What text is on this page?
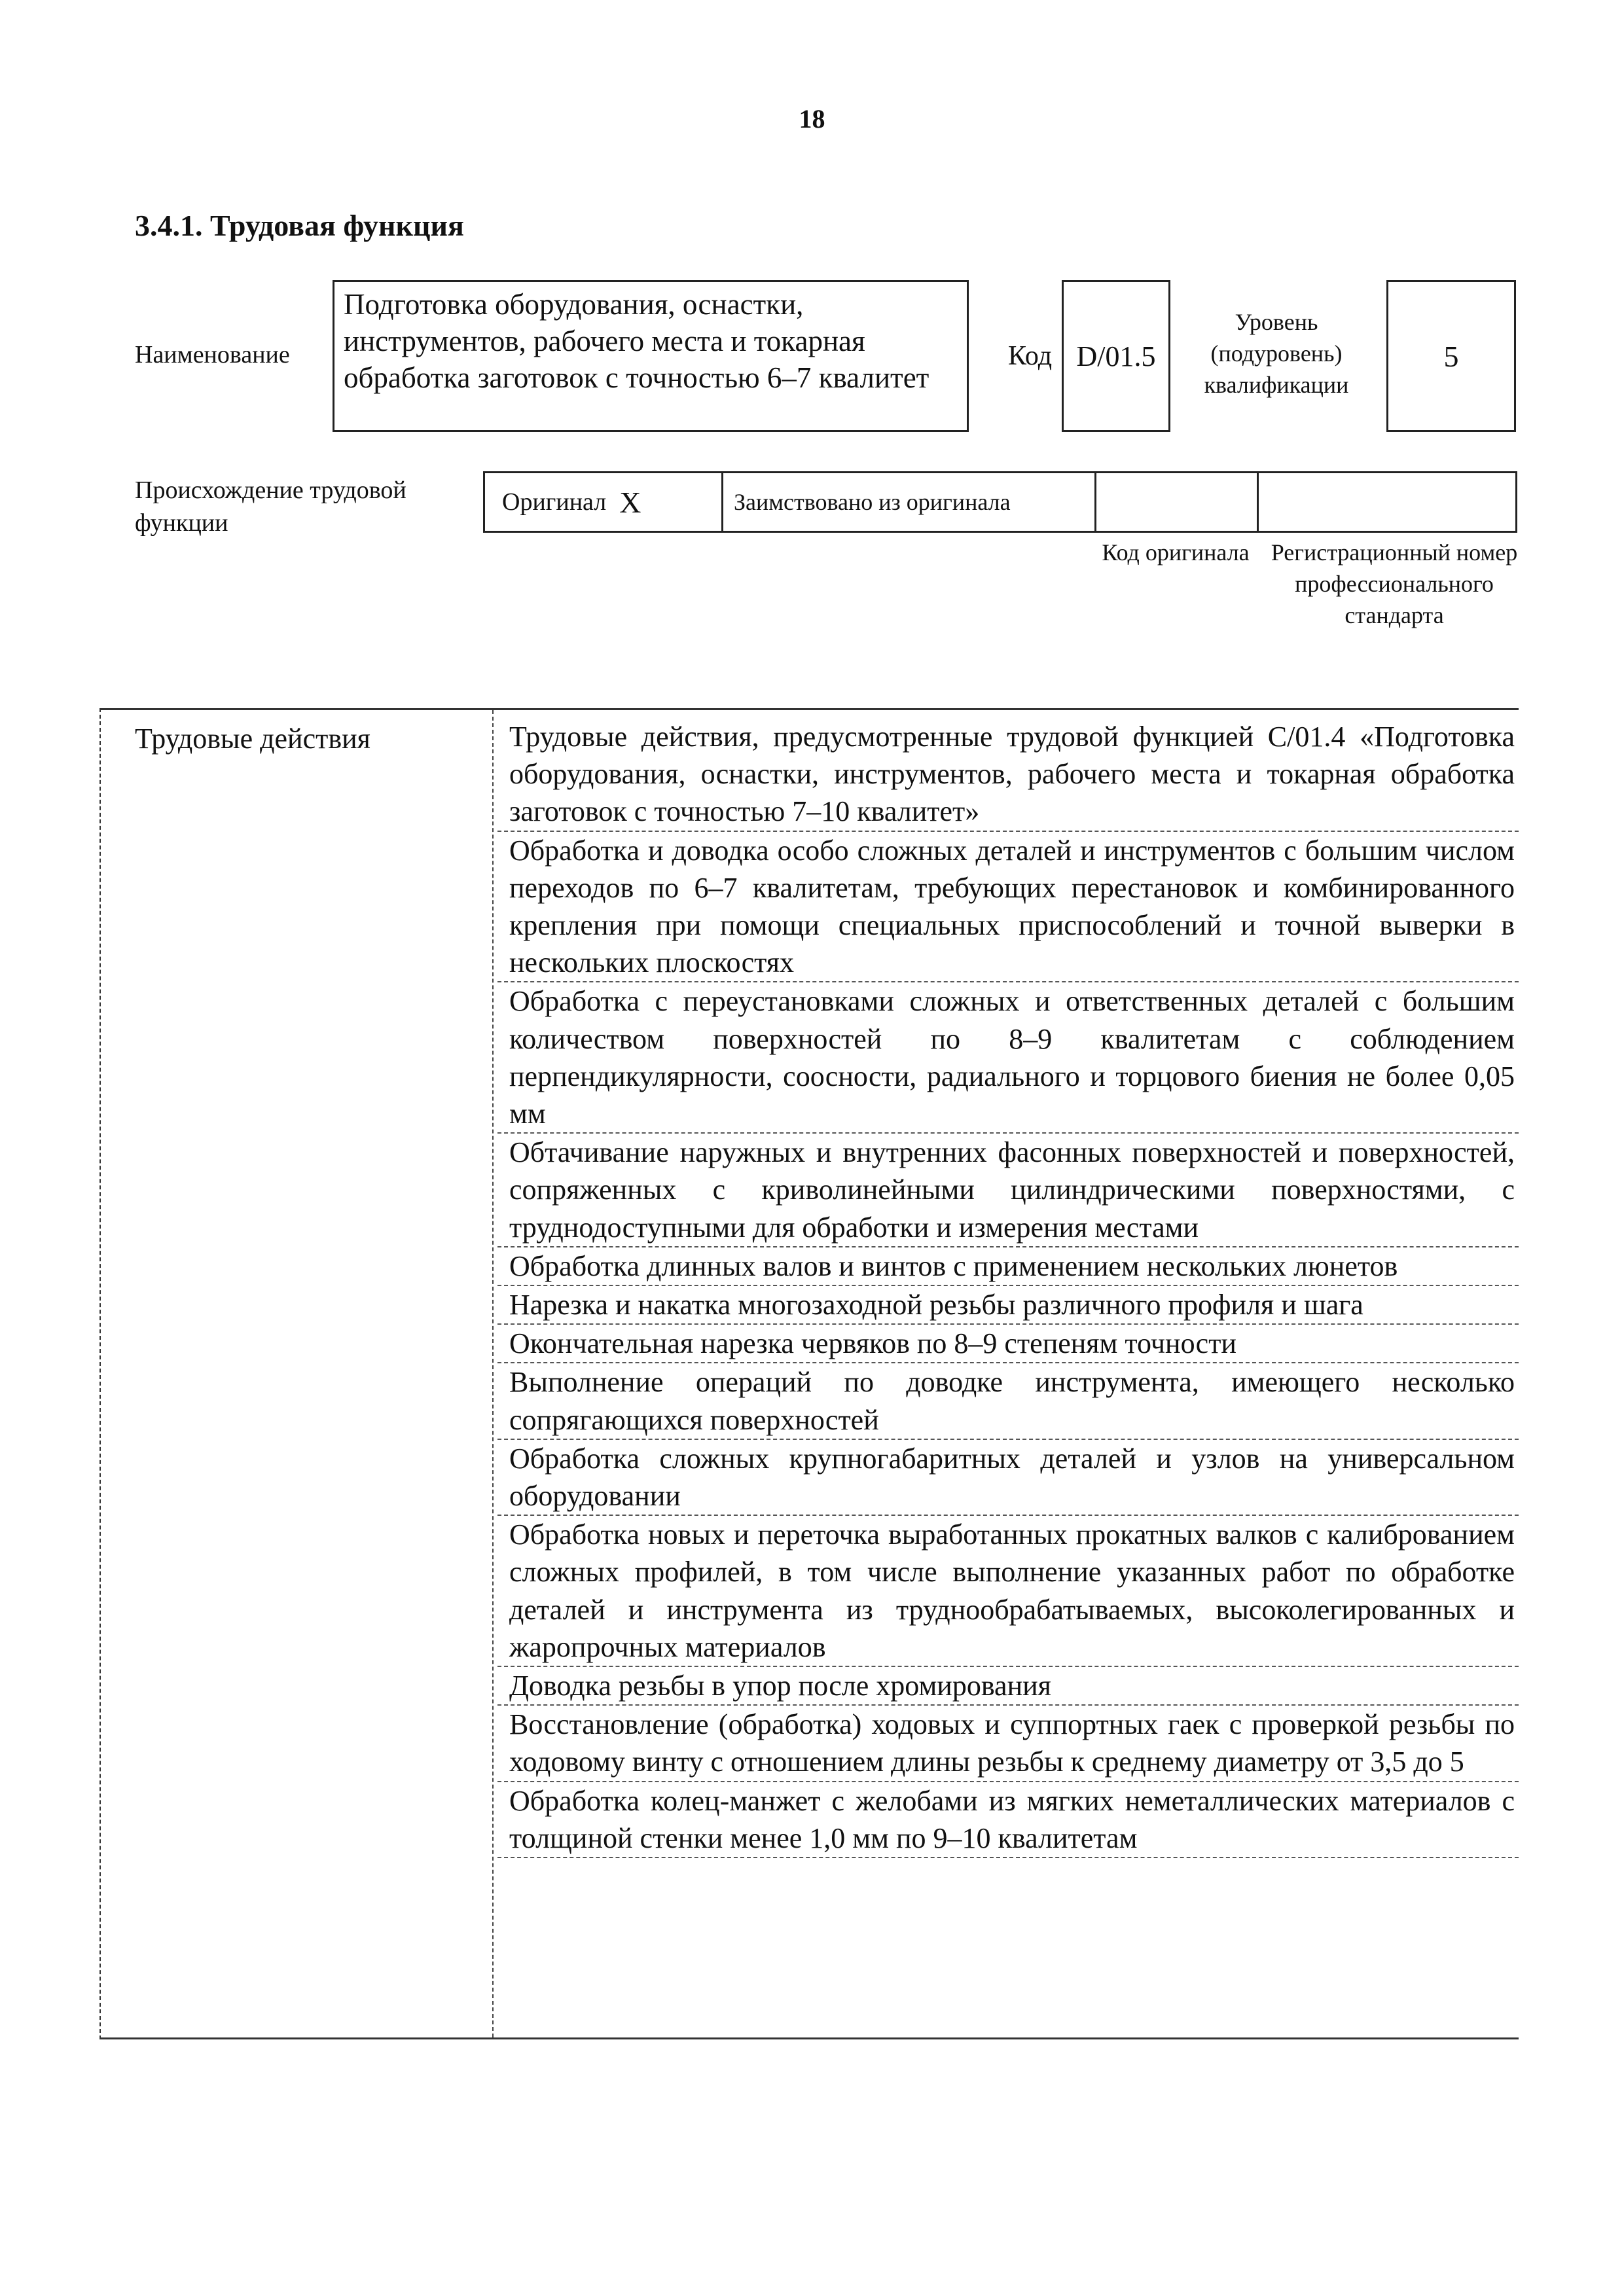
18
3.4.1. Трудовая функция
Наименование
Подготовка оборудования, оснастки, инструментов, рабочего места и токарная обработка заготовок с точностью 6–7 квалитет
Код D/01.5
Уровень (подуровень) квалификации
5
Происхождение трудовой функции
Оригинал X	Заимствовано из оригинала
Код оригинала Регистрационный номер профессионального стандарта
Трудовые действия	Трудовые действия, предусмотренные трудовой функцией C/01.4 «Подготовка оборудования, оснастки, инструментов, рабочего места и токарная обработка заготовок с точностью 7–10 квалитет»
Обработка и доводка особо сложных деталей и инструментов с большим числом переходов по 6–7 квалитетам, требующих перестановок и комбинированного крепления при помощи специальных приспособлений и точной выверки в нескольких плоскостях
Обработка с переустановками сложных и ответственных деталей с большим количеством поверхностей по 8–9 квалитетам с соблюдением перпендикулярности, соосности, радиального и торцового биения не более 0,05 мм
Обтачивание наружных и внутренних фасонных поверхностей и поверхностей, сопряженных с криволинейными цилиндрическими поверхностями, с труднодоступными для обработки и измерения местами
Обработка длинных валов и винтов с применением нескольких люнетов
Нарезка и накатка многозаходной резьбы различного профиля и шага
Окончательная нарезка червяков по 8–9 степеням точности
Выполнение операций по доводке инструмента, имеющего несколько сопрягающихся поверхностей
Обработка сложных крупногабаритных деталей и узлов на универсальном оборудовании
Обработка новых и переточка выработанных прокатных валков с калиброванием сложных профилей, в том числе выполнение указанных работ по обработке деталей и инструмента из труднообрабатываемых, высоколегированных и жаропрочных материалов
Доводка резьбы в упор после хромирования
Восстановление (обработка) ходовых и суппортных гаек с проверкой резьбы по ходовому винту с отношением длины резьбы к среднему диаметру от 3,5 до 5
Обработка колец-манжет с желобами из мягких неметаллических материалов с толщиной стенки менее 1,0 мм по 9–10 квалитетам
